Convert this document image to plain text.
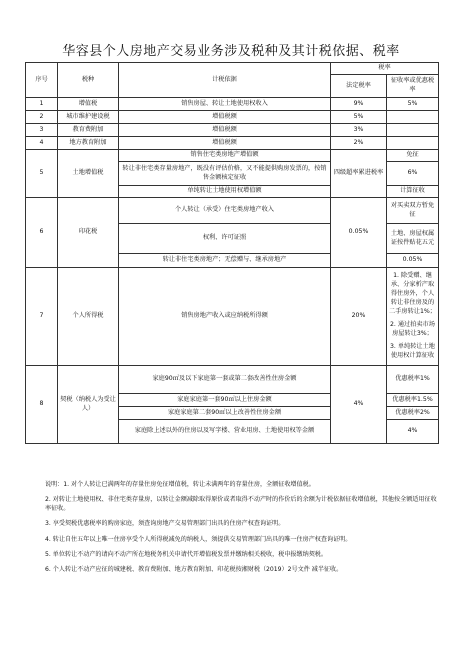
华容县个人房地产交易业务涉及税种及其计税依据、税率
序号	税种	计税依据	税率	
			法定税率	征收率或优惠税率
1	增值税	销售房屋、转让土地使用权收入	9%	5%
2	城市维护建设税	增值税额	5%	
3	教育费附加	增值税额	3%	
4	地方教育附加	增值税额	2%	
5	土地增值税	销售住宅类房地产增值额	四级超率累进税率	免征
		转让非住宅类存量房地产，既没有评估价格，又不能提供购房发票的，按销售金额核定征收		6%
		单纯转让土地使用权增值额		计算征收
6	印花税	个人转让（承受）住宅类房地产收入	0.05%	对买卖双方暂免征
		权利、许可证照		土地、房屋权属证按件贴花五元
		转让非住宅类房地产；无偿赠与、继承房地产		0.05%
7	个人所得税	销售房地产收入或应纳税所得额	20%	1. 除受赠、继承、分家析产取得住房外，个人转让非住房及的二手房转让1%；
2. 通过拍卖市场房屋转让3%；
3. 单纯转让土地使用权计算征收

8	契税（纳税人为受让人）	家庭90㎡及以下家庭第一套或第二套改善性住房金额	4%	优惠税率1%
		家庭家庭第一套90㎡以上住房金额		优惠税率1.5%
		家庭家庭第二套90㎡以上改善性住房金额		优惠税率2%
		家庭除上述以外的住房以及写字楼、营业用房、土地使用权等金额		4%

说明：1. 对个人转让已满两年的存量住房免征增值税，转让未满两年的存量住房，全额征收增值税。

2. 对转让土地使用权、非住宅类存量房，以转让金额减除取得原价或者取得不动产时的作价后的余额为计税依据征收增值税，其他按全额适用征收率征收。

3. 享受契税优惠税率的购房家庭，须查询房地产交易管理部门出具的住房产权查询证明。

4. 转让自住五年以上唯一住房享受个人所得税减免的纳税人，须提供交易管理部门出具的唯一住房产权查询证明。

5. 单位转让不动产的请向不动产所在地税务机关申请代开增值税发票并缴纳相关税收，税申报缴纳契税。

6. 个人转让不动产应征的城建税、教育费附加、地方教育附加、印花税按湘财税（2019）2号文件 减半征收。
